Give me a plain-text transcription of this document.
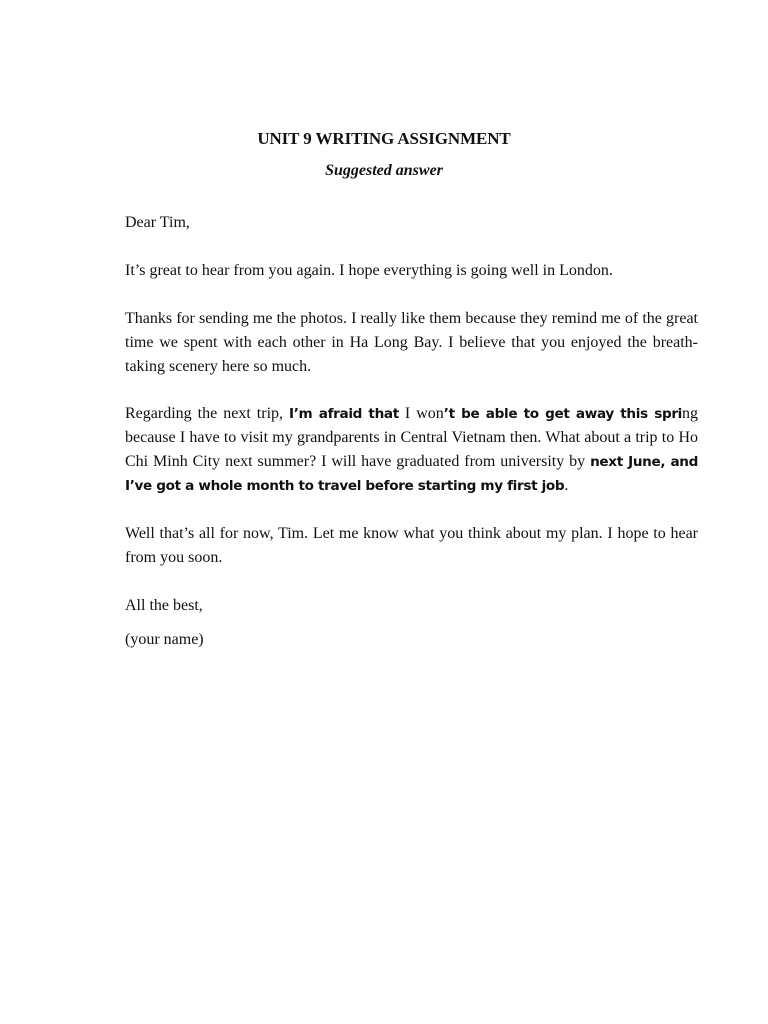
UNIT 9 WRITING ASSIGNMENT
Suggested answer
Dear Tim,
It’s great to hear from you again. I hope everything is going well in London.
Thanks for sending me the photos. I really like them because they remind me of the great time we spent with each other in Ha Long Bay. I believe that you enjoyed the breath-taking scenery here so much.
Regarding the next trip, I’m afraid that I won’t be able to get away this spring because I have to visit my grandparents in Central Vietnam then. What about a trip to Ho Chi Minh City next summer? I will have graduated from university by next June, and I’ve got a whole month to travel before starting my first job.
Well that’s all for now, Tim. Let me know what you think about my plan. I hope to hear from you soon.
All the best,
(your name)
